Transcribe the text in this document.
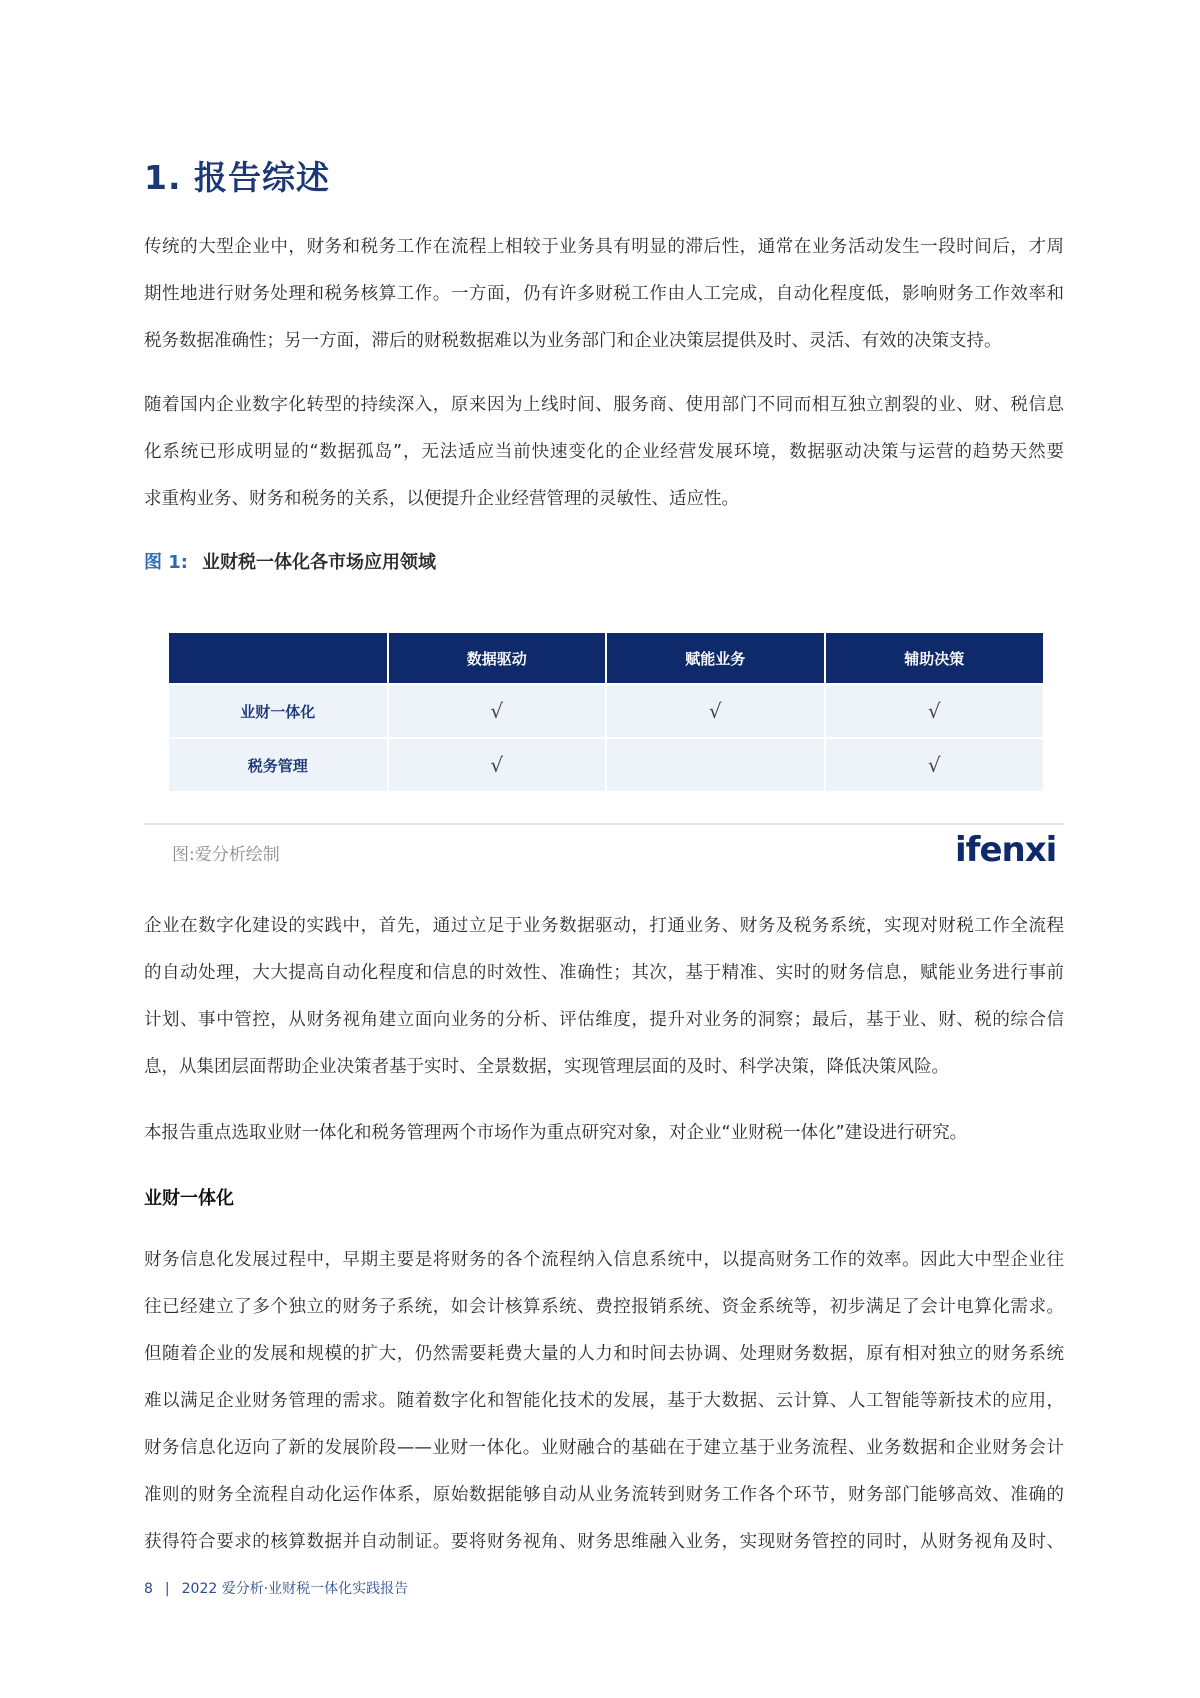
1. 报告综述
传统的大型企业中，财务和税务工作在流程上相较于业务具有明显的滞后性，通常在业务活动发生一段时间后，才周
期性地进行财务处理和税务核算工作。一方面，仍有许多财税工作由人工完成，自动化程度低，影响财务工作效率和
税务数据准确性；另一方面，滞后的财税数据难以为业务部门和企业决策层提供及时、灵活、有效的决策支持。
随着国内企业数字化转型的持续深入，原来因为上线时间、服务商、使用部门不同而相互独立割裂的业、财、税信息
化系统已形成明显的“数据孤岛”，无法适应当前快速变化的企业经营发展环境，数据驱动决策与运营的趋势天然要
求重构业务、财务和税务的关系，以便提升企业经营管理的灵敏性、适应性。
图 1: 业财税一体化各市场应用领域
	数据驱动	赋能业务	辅助决策
业财一体化	√	√	√
税务管理	√		√
图:爱分析绘制	ifenxi
企业在数字化建设的实践中，首先，通过立足于业务数据驱动，打通业务、财务及税务系统，实现对财税工作全流程
的自动处理，大大提高自动化程度和信息的时效性、准确性；其次，基于精准、实时的财务信息，赋能业务进行事前
计划、事中管控，从财务视角建立面向业务的分析、评估维度，提升对业务的洞察；最后，基于业、财、税的综合信
息，从集团层面帮助企业决策者基于实时、全景数据，实现管理层面的及时、科学决策，降低决策风险。
本报告重点选取业财一体化和税务管理两个市场作为重点研究对象，对企业“业财税一体化”建设进行研究。
业财一体化
财务信息化发展过程中，早期主要是将财务的各个流程纳入信息系统中，以提高财务工作的效率。因此大中型企业往
往已经建立了多个独立的财务子系统，如会计核算系统、费控报销系统、资金系统等，初步满足了会计电算化需求。
但随着企业的发展和规模的扩大，仍然需要耗费大量的人力和时间去协调、处理财务数据，原有相对独立的财务系统
难以满足企业财务管理的需求。随着数字化和智能化技术的发展，基于大数据、云计算、人工智能等新技术的应用，
财务信息化迈向了新的发展阶段——业财一体化。业财融合的基础在于建立基于业务流程、业务数据和企业财务会计
准则的财务全流程自动化运作体系，原始数据能够自动从业务流转到财务工作各个环节，财务部门能够高效、准确的
获得符合要求的核算数据并自动制证。要将财务视角、财务思维融入业务，实现财务管控的同时，从财务视角及时、
8 | 2022 爱分析·业财税一体化实践报告
